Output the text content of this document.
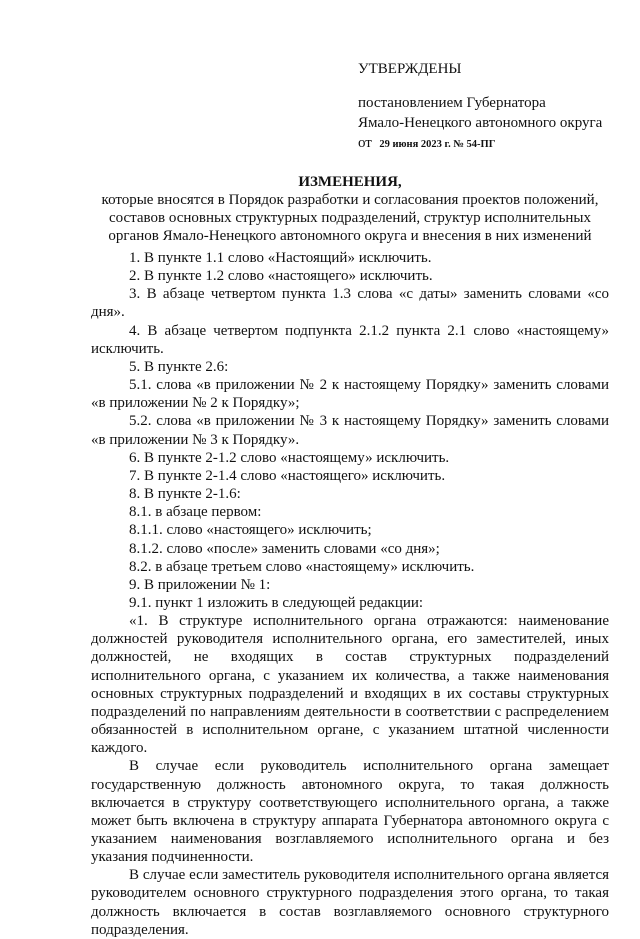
УТВЕРЖДЕНЫ
постановлением Губернатора
Ямало-Ненецкого автономного округа
от 29 июня 2023 г. № 54-ПГ
ИЗМЕНЕНИЯ,
которые вносятся в Порядок разработки и согласования проектов положений,
составов основных структурных подразделений, структур исполнительных
органов Ямало-Ненецкого автономного округа и внесения в них изменений
1. В пункте 1.1 слово «Настоящий» исключить.
2. В пункте 1.2 слово «настоящего» исключить.
3. В абзаце четвертом пункта 1.3 слова «с даты» заменить словами «со дня».
4. В абзаце четвертом подпункта 2.1.2 пункта 2.1 слово «настоящему» исключить.
5. В пункте 2.6:
5.1. слова «в приложении № 2 к настоящему Порядку» заменить словами «в приложении № 2 к Порядку»;
5.2. слова «в приложении № 3 к настоящему Порядку» заменить словами «в приложении № 3 к Порядку».
6. В пункте 2-1.2 слово «настоящему» исключить.
7. В пункте 2-1.4 слово «настоящего» исключить.
8. В пункте 2-1.6:
8.1. в абзаце первом:
8.1.1. слово «настоящего» исключить;
8.1.2. слово «после» заменить словами «со дня»;
8.2. в абзаце третьем слово «настоящему» исключить.
9. В приложении № 1:
9.1. пункт 1 изложить в следующей редакции:
«1. В структуре исполнительного органа отражаются: наименование должностей руководителя исполнительного органа, его заместителей, иных должностей, не входящих в состав структурных подразделений исполнительного органа, с указанием их количества, а также наименования основных структурных подразделений и входящих в их составы структурных подразделений по направлениям деятельности в соответствии с распределением обязанностей в исполнительном органе, с указанием штатной численности каждого.
В случае если руководитель исполнительного органа замещает государственную должность автономного округа, то такая должность включается в структуру соответствующего исполнительного органа, а также может быть включена в структуру аппарата Губернатора автономного округа с указанием наименования возглавляемого исполнительного органа и без указания подчиненности.
В случае если заместитель руководителя исполнительного органа является руководителем основного структурного подразделения этого органа, то такая должность включается в состав возглавляемого основного структурного подразделения.
